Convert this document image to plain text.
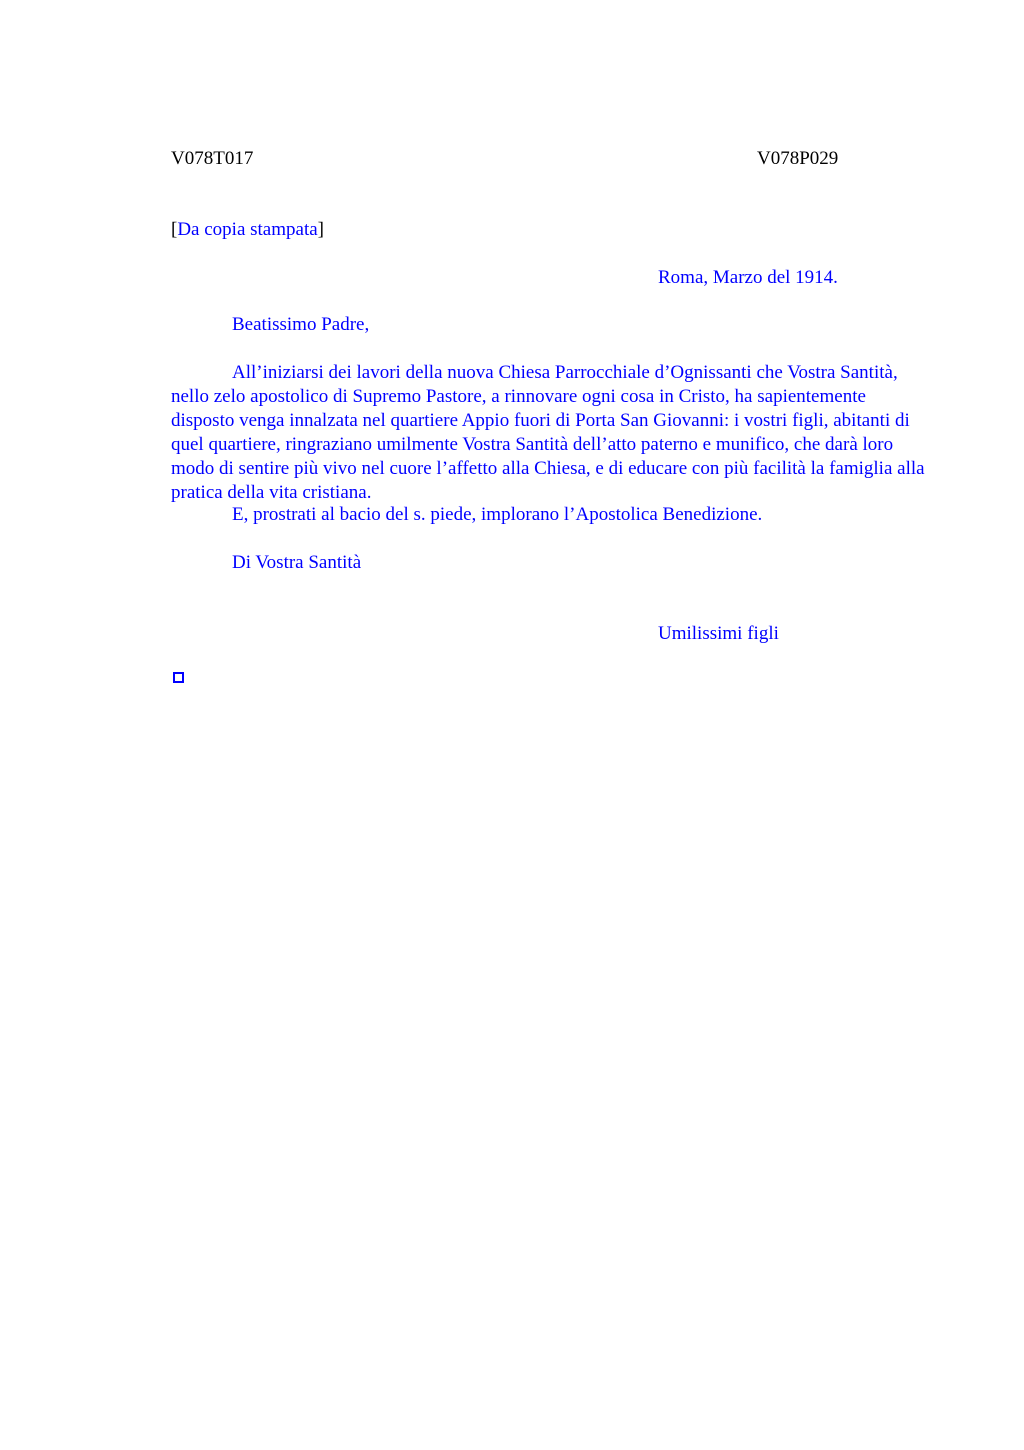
V078T017	V078P029
[Da copia stampata]
Roma, Marzo del 1914.
Beatissimo Padre,

All’iniziarsi dei lavori della nuova Chiesa Parrocchiale d’Ognissanti che Vostra Santità, nello zelo apostolico di Supremo Pastore, a rinnovare ogni cosa in Cristo, ha sapientemente disposto venga innalzata nel quartiere Appio fuori di Porta San Giovanni: i vostri figli, abitanti di quel quartiere, ringraziano umilmente Vostra Santità dell’atto paterno e munifico, che darà loro modo di sentire più vivo nel cuore l’affetto alla Chiesa, e di educare con più facilità la famiglia alla pratica della vita cristiana.

E, prostrati al bacio del s. piede, implorano l’Apostolica Benedizione.

Di Vostra Santità
Umilissimi figli
